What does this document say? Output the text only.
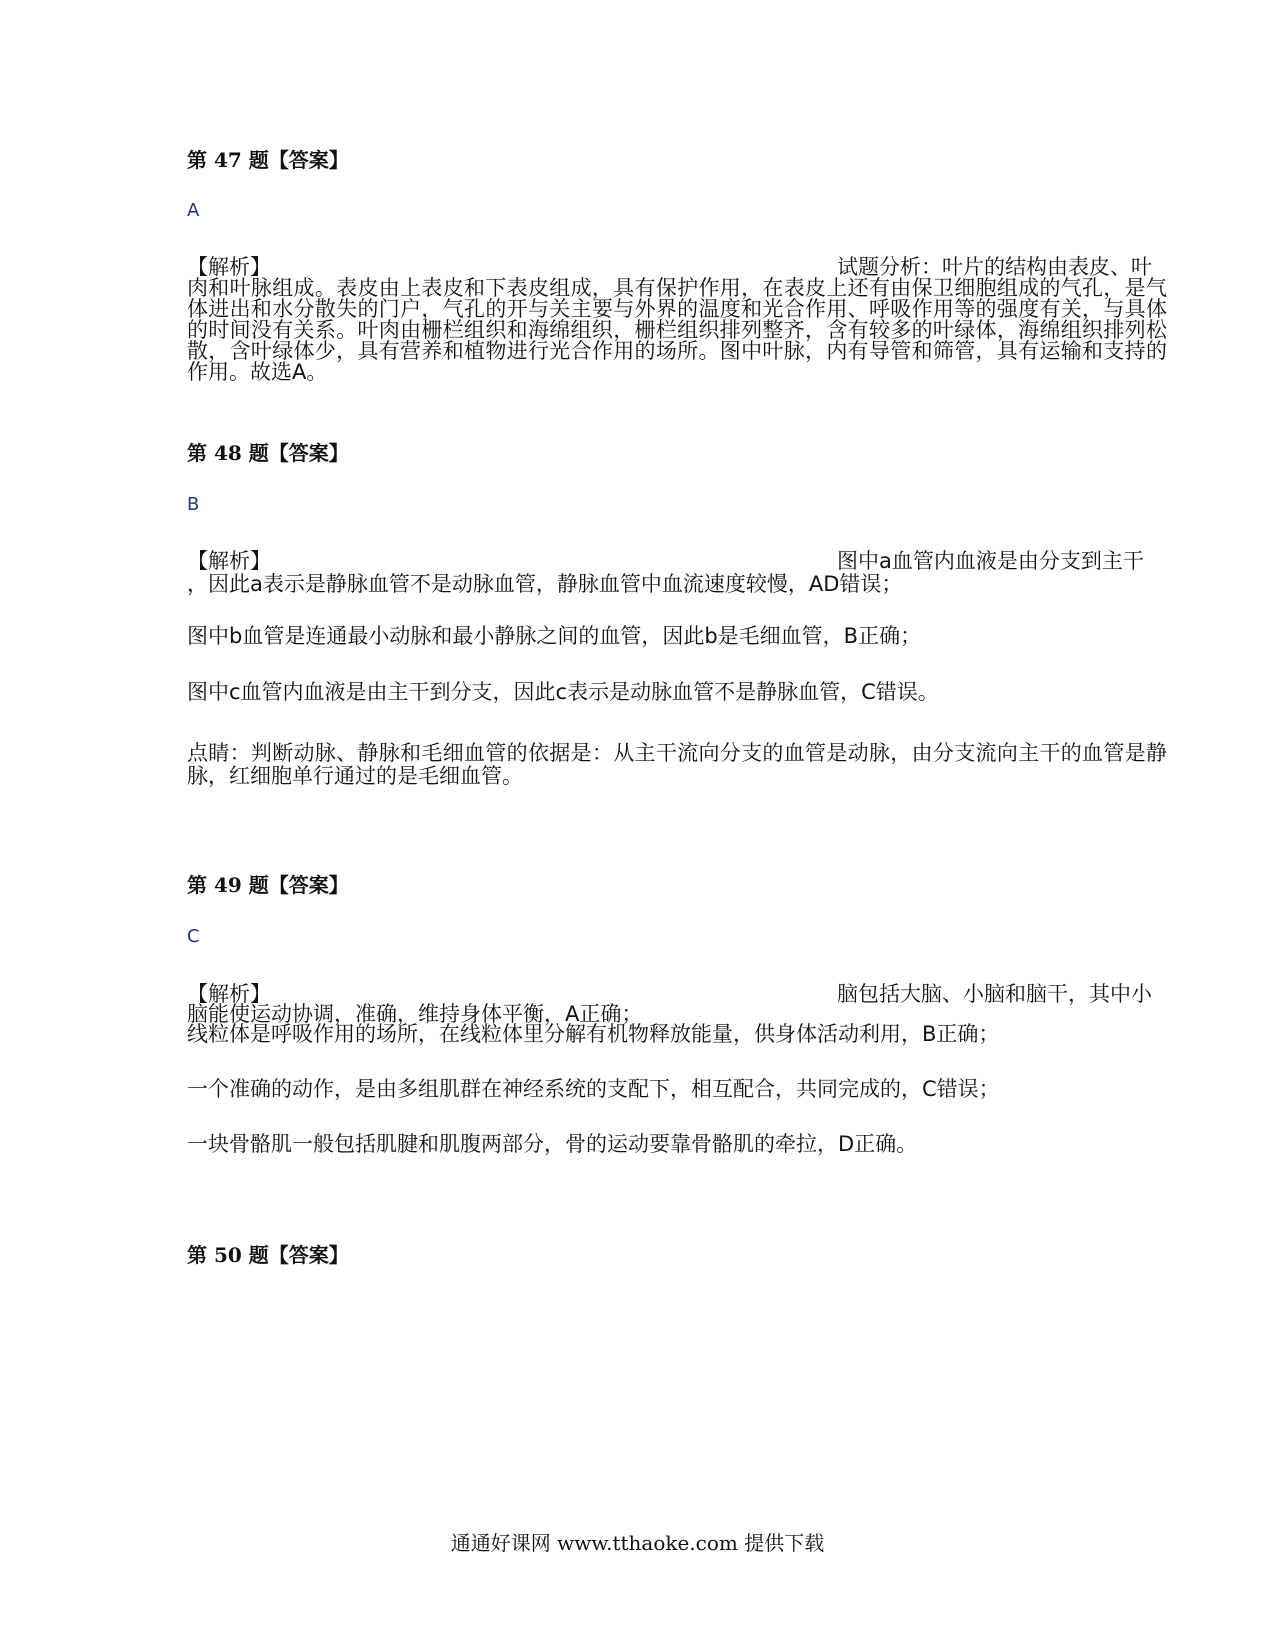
第 47 题【答案】
A
【解析】	试题分析：叶片的结构由表皮、叶
肉和叶脉组成。表皮由上表皮和下表皮组成，具有保护作用，在表皮上还有由保卫细胞组成的气孔，是气体进出和水分散失的门户，气孔的开与关主要与外界的温度和光合作用、呼吸作用等的强度有关，与具体的时间没有关系。叶肉由栅栏组织和海绵组织，栅栏组织排列整齐，含有较多的叶绿体，海绵组织排列松散，含叶绿体少，具有营养和植物进行光合作用的场所。图中叶脉，内有导管和筛管，具有运输和支持的作用。故选A。
第 48 题【答案】
B
【解析】	图中a血管内血液是由分支到主干
，因此a表示是静脉血管不是动脉血管，静脉血管中血流速度较慢，AD错误；
图中b血管是连通最小动脉和最小静脉之间的血管，因此b是毛细血管，B正确；
图中c血管内血液是由主干到分支，因此c表示是动脉血管不是静脉血管，C错误。
点睛：判断动脉、静脉和毛细血管的依据是：从主干流向分支的血管是动脉，由分支流向主干的血管是静脉，红细胞单行通过的是毛细血管。
第 49 题【答案】
C
【解析】	脑包括大脑、小脑和脑干，其中小
脑能使运动协调，准确，维持身体平衡，A正确；
线粒体是呼吸作用的场所，在线粒体里分解有机物释放能量，供身体活动利用，B正确；
一个准确的动作，是由多组肌群在神经系统的支配下，相互配合，共同完成的，C错误；
一块骨骼肌一般包括肌腱和肌腹两部分，骨的运动要靠骨骼肌的牵拉，D正确。
第 50 题【答案】
通通好课网 www.tthaoke.com 提供下载
